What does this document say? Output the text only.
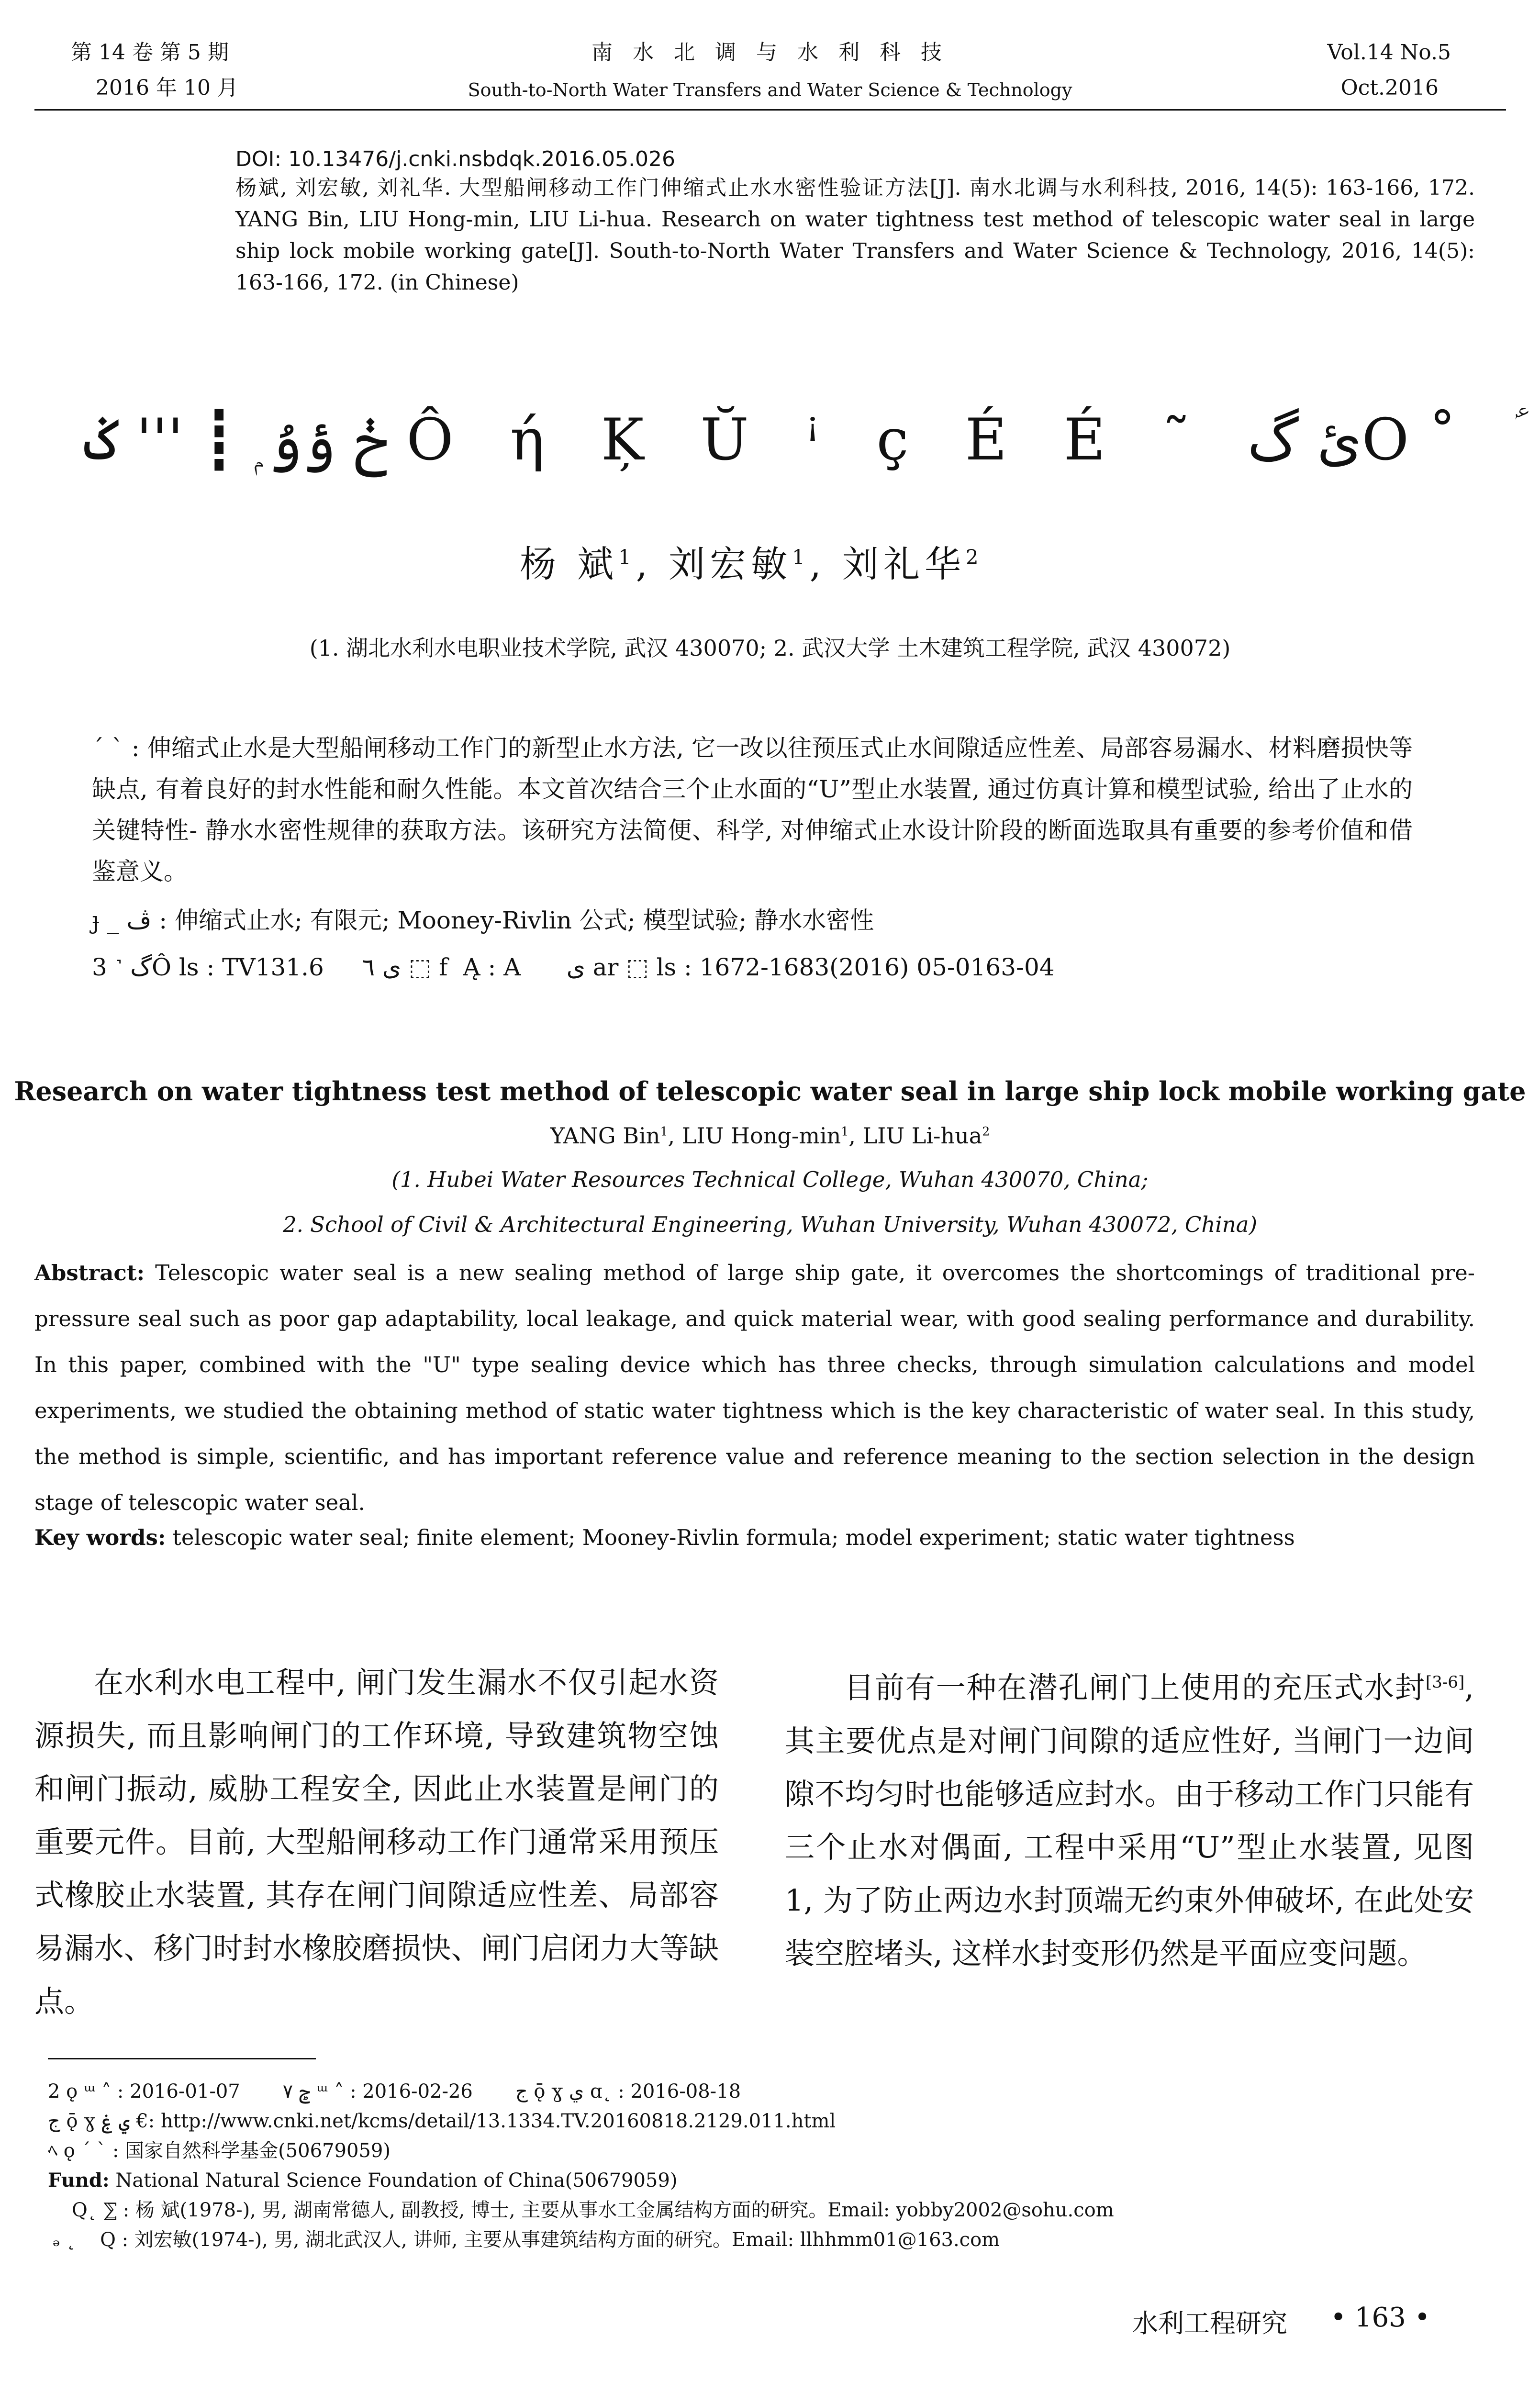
第 14 卷 第 5 期
2016 年 10 月
南 水 北 调 与 水 利 科 技
South-to-North Water Transfers and Water Science & Technology
Vol.14 No.5
Oct.2016
DOI: 10.13476/j.cnki.nsbdqk.2016.05.026
杨斌, 刘宏敏, 刘礼华. 大型船闸移动工作门伸缩式止水水密性验证方法[J]. 南水北调与水利科技, 2016, 14(5): 163-166, 172. YANG Bin, LIU Hong-min, LIU Li-hua. Research on water tightness test method of telescopic water seal in large ship lock mobile working gate[J]. South-to-North Water Transfers and Water Science & Technology, 2016, 14(5): 163-166, 172. (in Chinese)
ڂ ؤۇ ۭ ┋ ''' ݢ Ô ή Ķ Ŭ ꜞ ç É É ˜ ئ گO˚ ؑ
杨 斌$^1$, 刘宏敏$^1$, 刘礼华$^2$
(1. 湖北水利水电职业技术学院, 武汉 430070; 2. 武汉大学 土木建筑工程学院, 武汉 430072)
ˊ ˋ : 伸缩式止水是大型船闸移动工作门的新型止水方法, 它一改以往预压式止水间隙适应性差、局部容易漏水、材料磨损快等缺点, 有着良好的封水性能和耐久性能。本文首次结合三个止水面的“U”型止水装置, 通过仿真计算和模型试验, 给出了止水的关键特性- 静水水密性规律的获取方法。该研究方法简便、科学, 对伸缩式止水设计阶段的断面选取具有重要的参考价值和借鉴意义。
ɟ _ ﭪ : 伸缩式止水; 有限元; Mooney-Rivlin 公式; 模型试验; 静水水密性
3 ˺ گÔ ls : TV131.6     ى ٦ ⬚ f  Ą : A      ى ar ⬚ ls : 1672-1683(2016) 05-0163-04
Research on water tightness test method of telescopic water seal in large ship lock mobile working gate
YANG Bin$^1$, LIU Hong-$\min^1$, LIU Li-hua$^2$
(1. Hubei Water Resources Technical College, Wuhan 430070, China;
2. School of Civil & Architectural Engineering, Wuhan University, Wuhan 430072, China)
Abstract: Telescopic water seal is a new sealing method of large ship gate, it overcomes the shortcomings of traditional pre-pressure seal such as poor gap adaptability, local leakage, and quick material wear, with good sealing performance and durability. In this paper, combined with the "U" type sealing device which has three checks, through simulation calculations and model experiments, we studied the obtaining method of static water tightness which is the key characteristic of water seal. In this study, the method is simple, scientific, and has important reference value and reference meaning to the section selection in the design stage of telescopic water seal.
Key words: telescopic water seal; finite element; Mooney-Rivlin formula; model experiment; static water tightness
在水利水电工程中, 闸门发生漏水不仅引起水资源损失, 而且影响闸门的工作环境, 导致建筑物空蚀和闸门振动, 威胁工程安全, 因此止水装置是闸门的重要元件。目前, 大型船闸移动工作门通常采用预压式橡胶止水装置, 其存在闸门间隙适应性差、局部容易漏水、移门时封水橡胶磨损快、闸门启闭力大等缺点。
目前有一种在潜孔闸门上使用的充压式水封[3-6], 其主要优点是对闸门间隙的适应性好, 当闸门一边间隙不均匀时也能够适应封水。由于移动工作门只能有三个止水对偶面, 工程中采用“U”型止水装置, 见图 1, 为了防止两边水封顶端无约束外伸破坏, 在此处安装空腔堵头, 这样水封变形仍然是平面应变问题。
2 ǫ ᵚ ˄ : 2016-01-07       ݮ ٧ ᵚ ˄ : 2016-02-26       ج ǭ ɣ ي ɑ˛ : 2016-08-18
ج ǭ ɣ ي ۼ €: http://www.cnki.net/kcms/detail/13.1334.TV.20160818.2129.011.html
ﾍ ǫ ˊ ˋ : 国家自然科学基金(50679059)
Fund: National Natural Science Foundation of China(50679059)
Q˛ ⅀ : 杨 斌(1978-), 男, 湖南常德人, 副教授, 博士, 主要从事水工金属结构方面的研究。Email: yobby2002@sohu.com
ₔ ˛    Q : 刘宏敏(1974-), 男, 湖北武汉人, 讲师, 主要从事建筑结构方面的研究。Email: llhhmm01@163.com
水利工程研究 • 163 •
